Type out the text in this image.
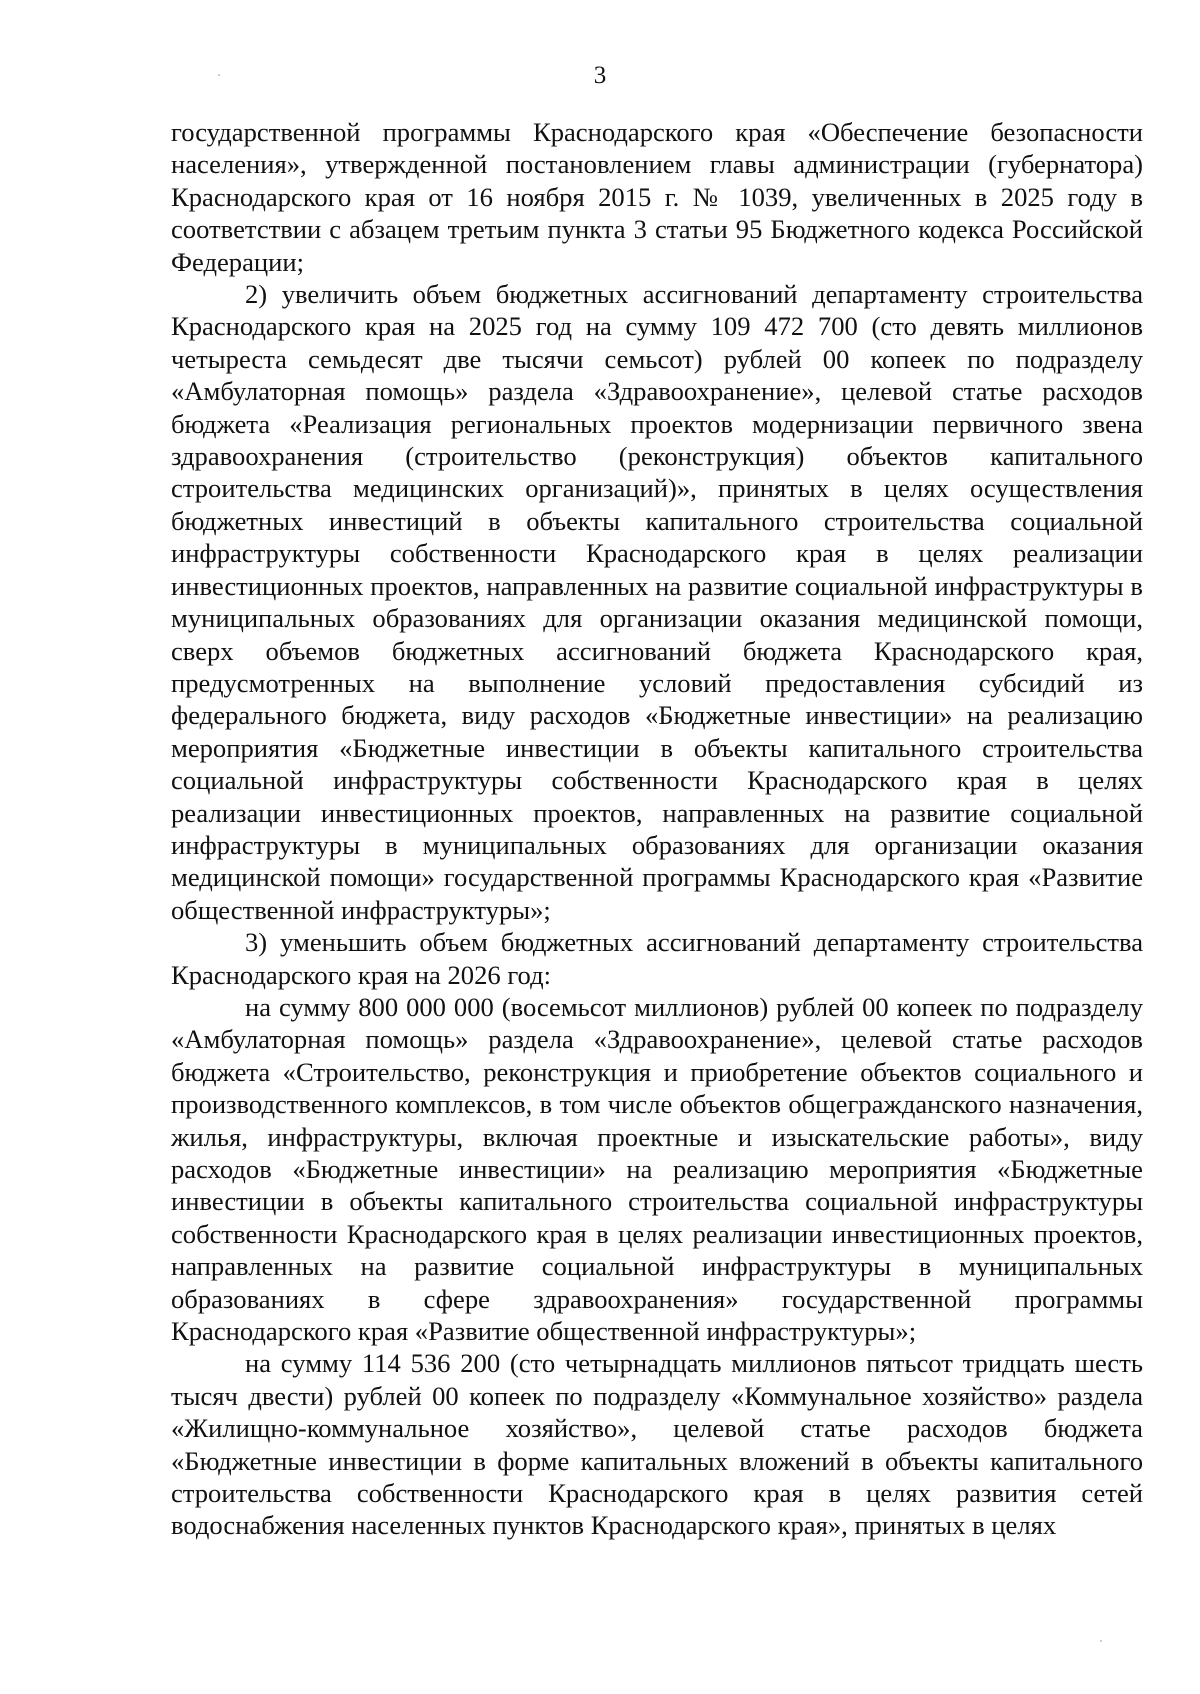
3

государственной программы Краснодарского края «Обеспечение безопасности населения», утвержденной постановлением главы администрации (губернатора) Краснодарского края от 16 ноября 2015 г. № 1039, увеличенных в 2025 году в соответствии с абзацем третьим пункта 3 статьи 95 Бюджетного кодекса Российской Федерации;

2) увеличить объем бюджетных ассигнований департаменту строительства Краснодарского края на 2025 год на сумму 109 472 700 (сто девять миллионов четыреста семьдесят две тысячи семьсот) рублей 00 копеек по подразделу «Амбулаторная помощь» раздела «Здравоохранение», целевой статье расходов бюджета «Реализация региональных проектов модернизации первичного звена здравоохранения (строительство (реконструкция) объектов капитального строительства медицинских организаций)», принятых в целях осуществления бюджетных инвестиций в объекты капитального строительства социальной инфраструктуры собственности Краснодарского края в целях реализации инвестиционных проектов, направленных на развитие социальной инфраструктуры в муниципальных образованиях для организации оказания медицинской помощи, сверх объемов бюджетных ассигнований бюджета Краснодарского края, предусмотренных на выполнение условий предоставления субсидий из федерального бюджета, виду расходов «Бюджетные инвестиции» на реализацию мероприятия «Бюджетные инвестиции в объекты капитального строительства социальной инфраструктуры собственности Краснодарского края в целях реализации инвестиционных проектов, направленных на развитие социальной инфраструктуры в муниципальных образованиях для организации оказания медицинской помощи» государственной программы Краснодарского края «Развитие общественной инфраструктуры»;

3) уменьшить объем бюджетных ассигнований департаменту строительства Краснодарского края на 2026 год:

на сумму 800 000 000 (восемьсот миллионов) рублей 00 копеек по подразделу «Амбулаторная помощь» раздела «Здравоохранение», целевой статье расходов бюджета «Строительство, реконструкция и приобретение объектов социального и производственного комплексов, в том числе объектов общегражданского назначения, жилья, инфраструктуры, включая проектные и изыскательские работы», виду расходов «Бюджетные инвестиции» на реализацию мероприятия «Бюджетные инвестиции в объекты капитального строительства социальной инфраструктуры собственности Краснодарского края в целях реализации инвестиционных проектов, направленных на развитие социальной инфраструктуры в муниципальных образованиях в сфере здравоохранения» государственной программы Краснодарского края «Развитие общественной инфраструктуры»;

на сумму 114 536 200 (сто четырнадцать миллионов пятьсот тридцать шесть тысяч двести) рублей 00 копеек по подразделу «Коммунальное хозяйство» раздела «Жилищно-коммунальное хозяйство», целевой статье расходов бюджета «Бюджетные инвестиции в форме капитальных вложений в объекты капитального строительства собственности Краснодарского края в целях развития сетей водоснабжения населенных пунктов Краснодарского края», принятых в целях
